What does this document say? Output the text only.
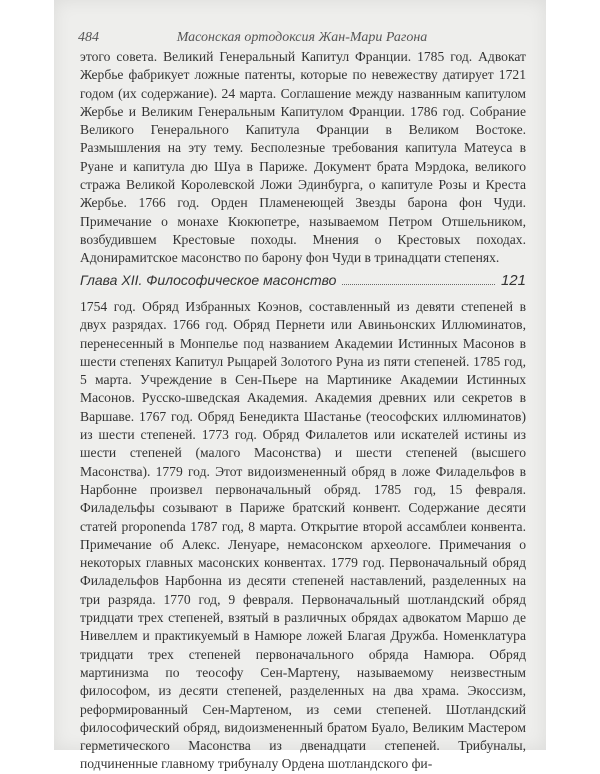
484	Масонская ортодоксия Жан-Мари Рагона

этого совета. Великий Генеральный Капитул Франции. 1785 год. Адвокат Жербье фабрикует ложные патенты, которые по невежеству датирует 1721 годом (их содержание). 24 марта. Соглашение между названным капитулом Жербье и Великим Генеральным Капитулом Франции. 1786 год. Собрание Великого Генерального Капитула Франции в Великом Востоке. Размышления на эту тему. Бесполезные требования капитула Матеуса в Руане и капитула дю Шуа в Париже. Документ брата Мэрдока, великого стража Великой Королевской Ложи Эдинбурга, о капитуле Розы и Креста Жербье. 1766 год. Орден Пламенеющей Звезды барона фон Чуди. Примечание о монахе Кюкюпетре, называемом Петром Отшельником, возбудившем Крестовые походы. Мнения о Крестовых походах. Адонирамитское масонство по барону фон Чуди в тринадцати степенях.

Глава XII. Философическое масонство	121

1754 год. Обряд Избранных Коэнов, составленный из девяти степеней в двух разрядах. 1766 год. Обряд Пернети или Авиньонских Иллюминатов, перенесенный в Монпелье под названием Академии Истинных Масонов в шести степенях Капитул Рыцарей Золотого Руна из пяти степеней. 1785 год, 5 марта. Учреждение в Сен-Пьере на Мартинике Академии Истинных Масонов. Русско-шведская Академия. Академия древних или секретов в Варшаве. 1767 год. Обряд Бенедикта Шастанье (теософских иллюминатов) из шести степеней. 1773 год. Обряд Филалетов или искателей истины из шести степеней (малого Масонства) и шести степеней (высшего Масонства). 1779 год. Этот видоизмененный обряд в ложе Филадельфов в Нарбонне произвел первоначальный обряд. 1785 год, 15 февраля. Филадельфы созывают в Париже братский конвент. Содержание десяти статей proponenda 1787 год, 8 марта. Открытие второй ассамблеи конвента. Примечание об Алекс. Ленуаре, немасонском археологе. Примечания о некоторых главных масонских конвентах. 1779 год. Первоначальный обряд Филадельфов Нарбонна из десяти степеней наставлений, разделенных на три разряда. 1770 год, 9 февраля. Первоначальный шотландский обряд тридцати трех степеней, взятый в различных обрядах адвокатом Маршо де Нивеллем и практикуемый в Намюре ложей Благая Дружба. Номенклатура тридцати трех степеней первоначального обряда Намюра. Обряд мартинизма по теософу Сен-Мартену, называемому неизвестным философом, из десяти степеней, разделенных на два храма. Экоссизм, реформированный Сен-Мартеном, из семи степеней. Шотландский философический обряд, видоизмененный братом Буало, Великим Мастером герметического Масонства из двенадцати степеней. Трибуналы, подчиненные главному трибуналу Ордена шотландского фи-
